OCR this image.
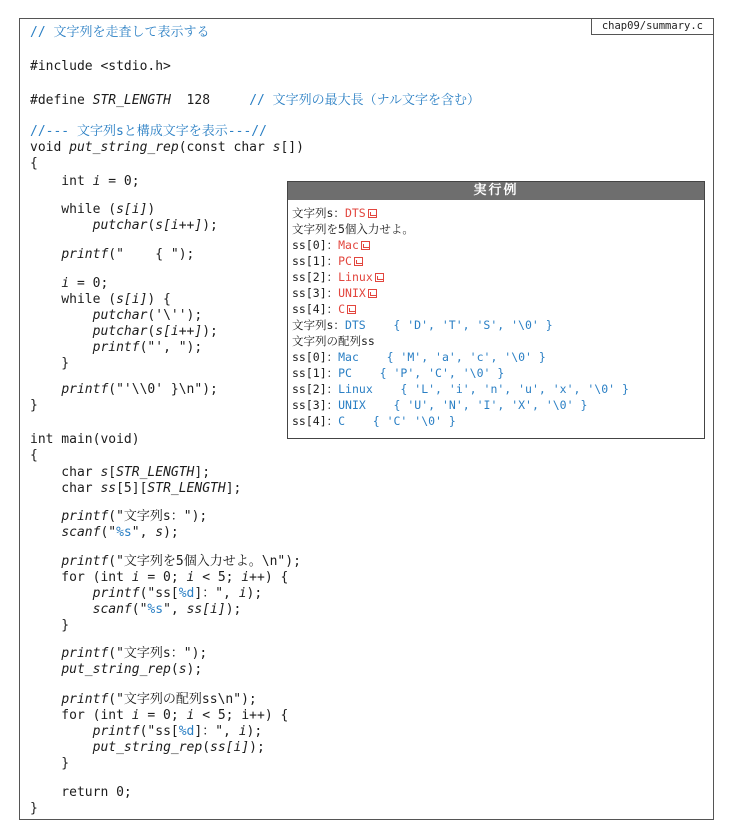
chap09/summary.c
// 文字列を走査して表示する
#include <stdio.h>
#define STR_LENGTH  128     // 文字列の最大長（ナル文字を含む）
//--- 文字列sと構成文字を表示---//
void put_string_rep(const char s[])
{
int i = 0;
while (s[i])
putchar(s[i++]);
printf("    { ");
i = 0;
while (s[i]) {
putchar('\'');
putchar(s[i++]);
printf("', ");
}
printf("'\\0' }\n");
}
int main(void)
{
char s[STR_LENGTH];
char ss[5][STR_LENGTH];
printf("文字列s：");
scanf("%s", s);
printf("文字列を5個入力せよ。\n");
for (int i = 0; i < 5; i++) {
printf("ss[%d]：", i);
scanf("%s", ss[i]);
}
printf("文字列s：");
put_string_rep(s);
printf("文字列の配列ss\n");
for (int i = 0; i < 5; i++) {
printf("ss[%d]：", i);
put_string_rep(ss[i]);
}
return 0;
}
実行例
文字列s：DTS
文字列を5個入力せよ。
ss[0]：Mac
ss[1]：PC
ss[2]：Linux
ss[3]：UNIX
ss[4]：C
文字列s：DTS    { 'D', 'T', 'S', '\0' }
文字列の配列ss
ss[0]：Mac    { 'M', 'a', 'c', '\0' }
ss[1]：PC    { 'P', 'C', '\0' }
ss[2]：Linux    { 'L', 'i', 'n', 'u', 'x', '\0' }
ss[3]：UNIX    { 'U', 'N', 'I', 'X', '\0' }
ss[4]：C    { 'C' '\0' }
